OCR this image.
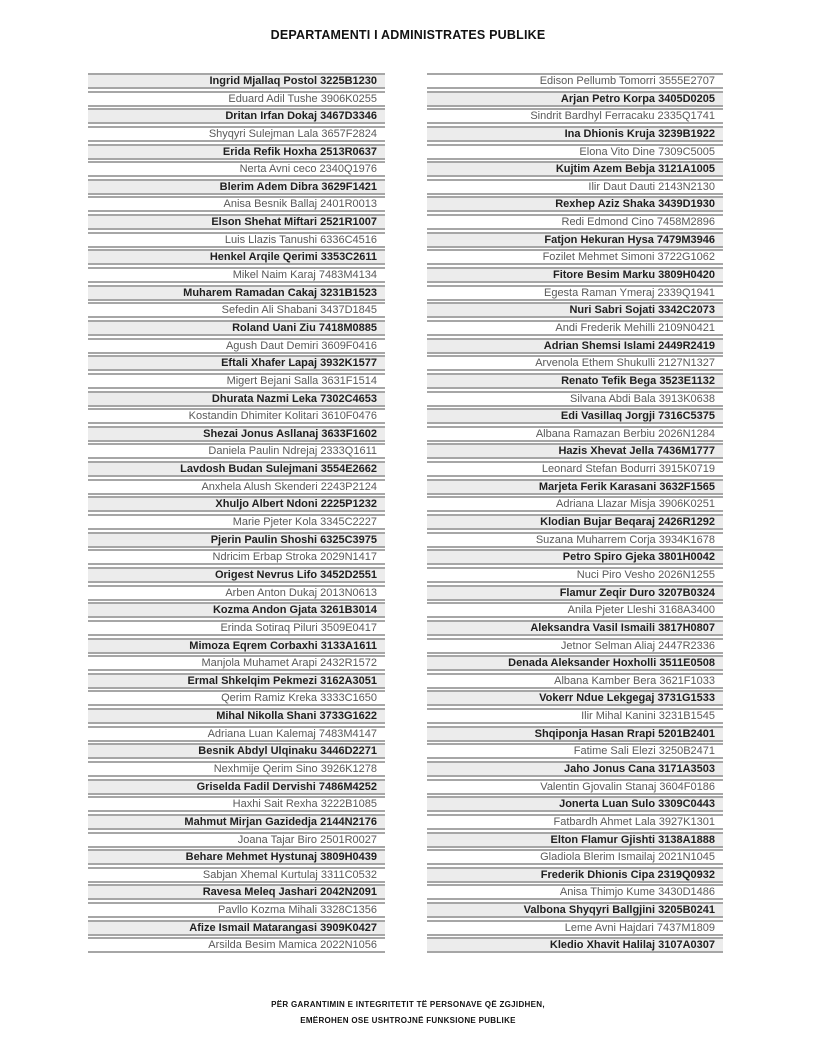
DEPARTAMENTI I ADMINISTRATES PUBLIKE
Ingrid Mjallaq Postol 3225B1230
Eduard Adil Tushe 3906K0255
Dritan Irfan Dokaj 3467D3346
Shyqyri Sulejman Lala 3657F2824
Erida Refik Hoxha 2513R0637
Nerta Avni ceco 2340Q1976
Blerim Adem Dibra 3629F1421
Anisa Besnik Ballaj 2401R0013
Elson Shehat Miftari 2521R1007
Luis Llazis Tanushi 6336C4516
Henkel Arqile Qerimi 3353C2611
Mikel Naim Karaj 7483M4134
Muharem Ramadan Cakaj 3231B1523
Sefedin Ali Shabani 3437D1845
Roland Uani Ziu 7418M0885
Agush Daut Demiri 3609F0416
Eftali Xhafer Lapaj 3932K1577
Migert Bejani Salla 3631F1514
Dhurata Nazmi Leka 7302C4653
Kostandin Dhimiter Kolitari 3610F0476
Shezai Jonus Asllanaj 3633F1602
Daniela Paulin Ndrejaj 2333Q1611
Lavdosh Budan Sulejmani 3554E2662
Anxhela Alush Skenderi 2243P2124
Xhuljo Albert Ndoni 2225P1232
Marie Pjeter Kola 3345C2227
Pjerin Paulin Shoshi 6325C3975
Ndricim Erbap Stroka 2029N1417
Origest Nevrus Lifo 3452D2551
Arben Anton Dukaj 2013N0613
Kozma Andon Gjata 3261B3014
Erinda Sotiraq Piluri 3509E0417
Mimoza Eqrem Corbaxhi 3133A1611
Manjola Muhamet Arapi 2432R1572
Ermal Shkelqim Pekmezi 3162A3051
Qerim Ramiz Kreka 3333C1650
Mihal Nikolla Shani 3733G1622
Adriana Luan Kalemaj 7483M4147
Besnik Abdyl Ulqinaku 3446D2271
Nexhmije Qerim Sino 3926K1278
Griselda Fadil Dervishi 7486M4252
Haxhi Sait Rexha 3222B1085
Mahmut Mirjan Gazidedja 2144N2176
Joana Tajar Biro 2501R0027
Behare Mehmet Hystunaj 3809H0439
Sabjan Xhemal Kurtulaj 3311C0532
Ravesa Meleq Jashari 2042N2091
Pavllo Kozma Mihali 3328C1356
Afize Ismail Matarangasi 3909K0427
Arsilda Besim Mamica 2022N1056
Edison Pellumb Tomorri 3555E2707
Arjan Petro Korpa 3405D0205
Sindrit Bardhyl Ferracaku 2335Q1741
Ina Dhionis Kruja 3239B1922
Elona Vito Dine 7309C5005
Kujtim Azem Bebja 3121A1005
Ilir Daut Dauti 2143N2130
Rexhep Aziz Shaka 3439D1930
Redi Edmond Cino 7458M2896
Fatjon Hekuran Hysa 7479M3946
Fozilet Mehmet Simoni 3722G1062
Fitore Besim Marku 3809H0420
Egesta Raman Ymeraj 2339Q1941
Nuri Sabri Sojati 3342C2073
Andi Frederik Mehilli 2109N0421
Adrian Shemsi Islami 2449R2419
Arvenola Ethem Shukulli 2127N1327
Renato Tefik Bega 3523E1132
Silvana Abdi Bala 3913K0638
Edi Vasillaq Jorgji 7316C5375
Albana Ramazan Berbiu 2026N1284
Hazis Xhevat Jella 7436M1777
Leonard Stefan Bodurri 3915K0719
Marjeta Ferik Karasani 3632F1565
Adriana Llazar Misja 3906K0251
Klodian Bujar Beqaraj 2426R1292
Suzana Muharrem Corja 3934K1678
Petro Spiro Gjeka 3801H0042
Nuci Piro Vesho 2026N1255
Flamur Zeqir Duro 3207B0324
Anila Pjeter Lleshi 3168A3400
Aleksandra Vasil Ismaili 3817H0807
Jetnor Selman Aliaj 2447R2336
Denada Aleksander Hoxholli 3511E0508
Albana Kamber Bera 3621F1033
Vokerr Ndue Lekgegaj 3731G1533
Ilir Mihal Kanini 3231B1545
Shqiponja Hasan Rrapi 5201B2401
Fatime Sali Elezi 3250B2471
Jaho Jonus Cana 3171A3503
Valentin Gjovalin Stanaj 3604F0186
Jonerta Luan Sulo 3309C0443
Fatbardh Ahmet Lala 3927K1301
Elton Flamur Gjishti 3138A1888
Gladiola Blerim Ismailaj 2021N1045
Frederik Dhionis Cipa 2319Q0932
Anisa Thimjo Kume 3430D1486
Valbona Shyqyri Ballgjini 3205B0241
Leme Avni Hajdari 7437M1809
Kledio Xhavit Halilaj 3107A0307
PËR GARANTIMIN E INTEGRITETIT TË PERSONAVE QË ZGJIDHEN,
EMËROHEN OSE USHTROJNË FUNKSIONE PUBLIKE
